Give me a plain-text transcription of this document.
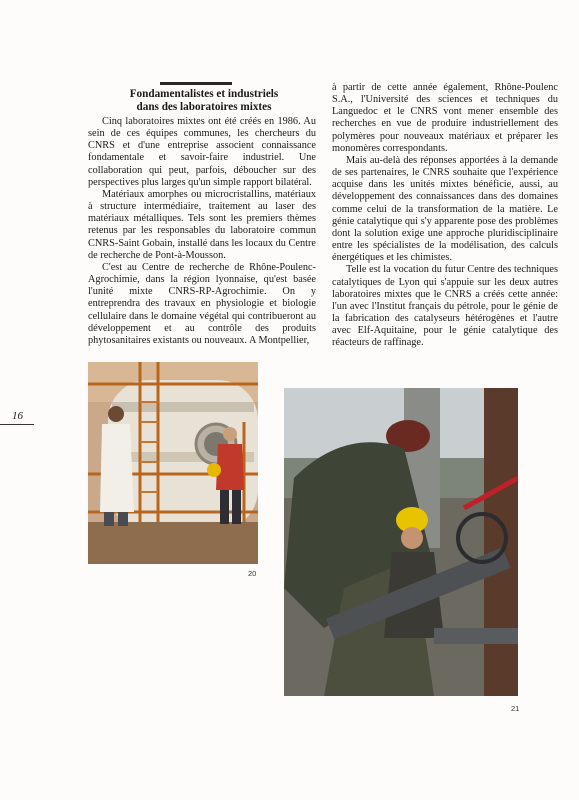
Fondamentalistes et industriels
dans des laboratoires mixtes

Cinq laboratoires mixtes ont été créés en 1986. Au sein de ces équipes communes, les chercheurs du CNRS et d'une entreprise associent connaissance fondamentale et savoir-faire industriel. Une collaboration qui peut, parfois, déboucher sur des perspectives plus larges qu'un simple rapport bilatéral.

Matériaux amorphes ou microcristallins, matériaux à structure intermédiaire, traitement au laser des matériaux métalliques. Tels sont les premiers thèmes retenus par les responsables du laboratoire commun CNRS-Saint Gobain, installé dans les locaux du Centre de recherche de Pont-à-Mousson.

C'est au Centre de recherche de Rhône-Poulenc-Agrochimie, dans la région lyonnaise, qu'est basée l'unité mixte CNRS-RP-Agrochimie. On y entreprendra des travaux en physiologie et biologie cellulaire dans le domaine végétal qui contribueront au développement et au contrôle des produits phytosanitaires existants ou nouveaux. A Montpellier,

à partir de cette année également, Rhône-Poulenc S.A., l'Université des sciences et techniques du Languedoc et le CNRS vont mener ensemble des recherches en vue de produire industriellement des polymères pour nouveaux matériaux et préparer les monomères correspondants.

Mais au-delà des réponses apportées à la demande de ses partenaires, le CNRS souhaite que l'expérience acquise dans les unités mixtes bénéficie, aussi, au développement des connaissances dans des domaines comme celui de la transformation de la matière. Le génie catalytique qui s'y apparente pose des problèmes dont la solution exige une approche pluridisciplinaire entre les spécialistes de la modélisation, des calculs énergétiques et les chimistes.

Telle est la vocation du futur Centre des techniques catalytiques de Lyon qui s'appuie sur les deux autres laboratoires mixtes que le CNRS a créés cette année: l'un avec l'Institut français du pétrole, pour le génie de la fabrication des catalyseurs hétérogènes et l'autre avec Elf-Aquitaine, pour le génie catalytique des réacteurs de raffinage.

16
20
21
